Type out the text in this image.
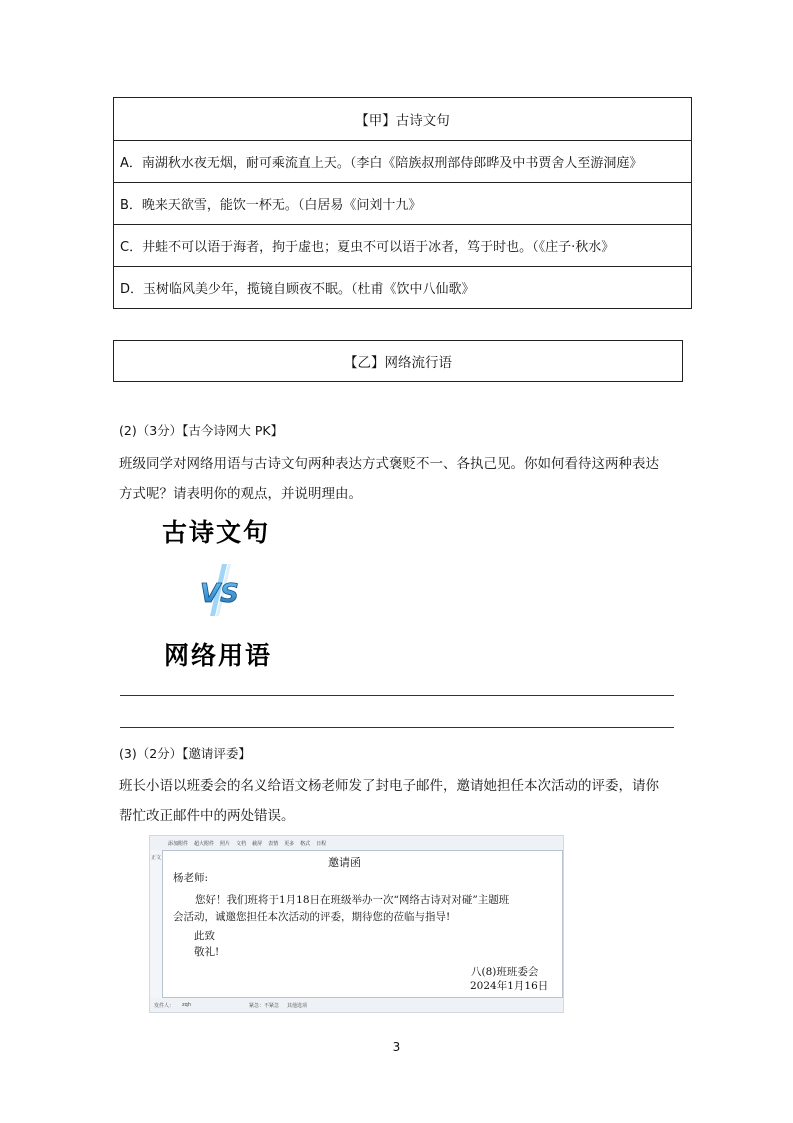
【甲】古诗文句
A．南湖秋水夜无烟，耐可乘流直上天。（李白《陪族叔刑部侍郎晔及中书贾舍人至游洞庭》
B．晚来天欲雪，能饮一杯无。（白居易《问刘十九》
C．井蛙不可以语于海者，拘于虚也；夏虫不可以语于冰者，笃于时也。（《庄子·秋水》
D．玉树临风美少年，揽镜自顾夜不眠。（杜甫《饮中八仙歌》
【乙】网络流行语
(2)（3分）【古今诗网大 PK】
班级同学对网络用语与古诗文句两种表达方式褒贬不一、各执己见。你如何看待这两种表达
方式呢？请表明你的观点，并说明理由。
古诗文句
VS
网络用语
(3)（2分）【邀请评委】
班长小语以班委会的名义给语文杨老师发了封电子邮件，邀请她担任本次活动的评委，请你
帮忙改正邮件中的两处错误。
添加附件 超大附件 照片 文档 截屏 表情 更多 格式 日程
正文	邀请函
杨老师:
您好！我们班将于1月18日在班级举办一次“网络古诗对对碰”主题班
会活动，诚邀您担任本次活动的评委，期待您的莅临与指导!
此致
敬礼!
八(8)班班委会
2024年1月16日
发件人： zqh	紧急：不紧急 其他选项
3
